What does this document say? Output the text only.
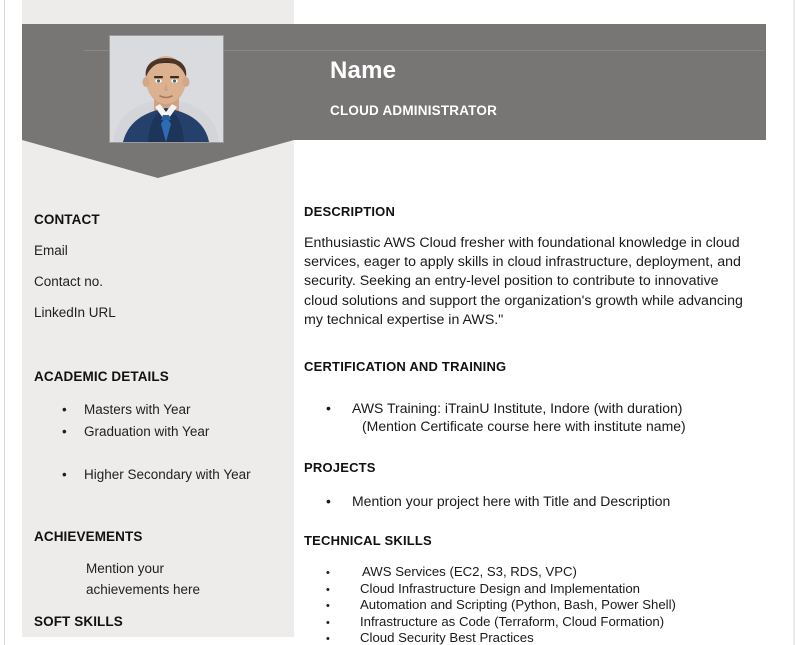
Name
CLOUD ADMINISTRATOR
CONTACT
Email
Contact no.
LinkedIn URL
ACADEMIC DETAILS
• Masters with Year
• Graduation with Year
• Higher Secondary with Year
ACHIEVEMENTS
Mention your
achievements here
SOFT SKILLS
DESCRIPTION
Enthusiastic AWS Cloud fresher with foundational knowledge in cloud
services, eager to apply skills in cloud infrastructure, deployment, and
security. Seeking an entry-level position to contribute to innovative
cloud solutions and support the organization's growth while advancing
my technical expertise in AWS."
CERTIFICATION AND TRAINING
• AWS Training: iTrainU Institute, Indore (with duration)
(Mention Certificate course here with institute name)
PROJECTS
• Mention your project here with Title and Description
TECHNICAL SKILLS
• AWS Services (EC2, S3, RDS, VPC)
• Cloud Infrastructure Design and Implementation
• Automation and Scripting (Python, Bash, Power Shell)
• Infrastructure as Code (Terraform, Cloud Formation)
• Cloud Security Best Practices
